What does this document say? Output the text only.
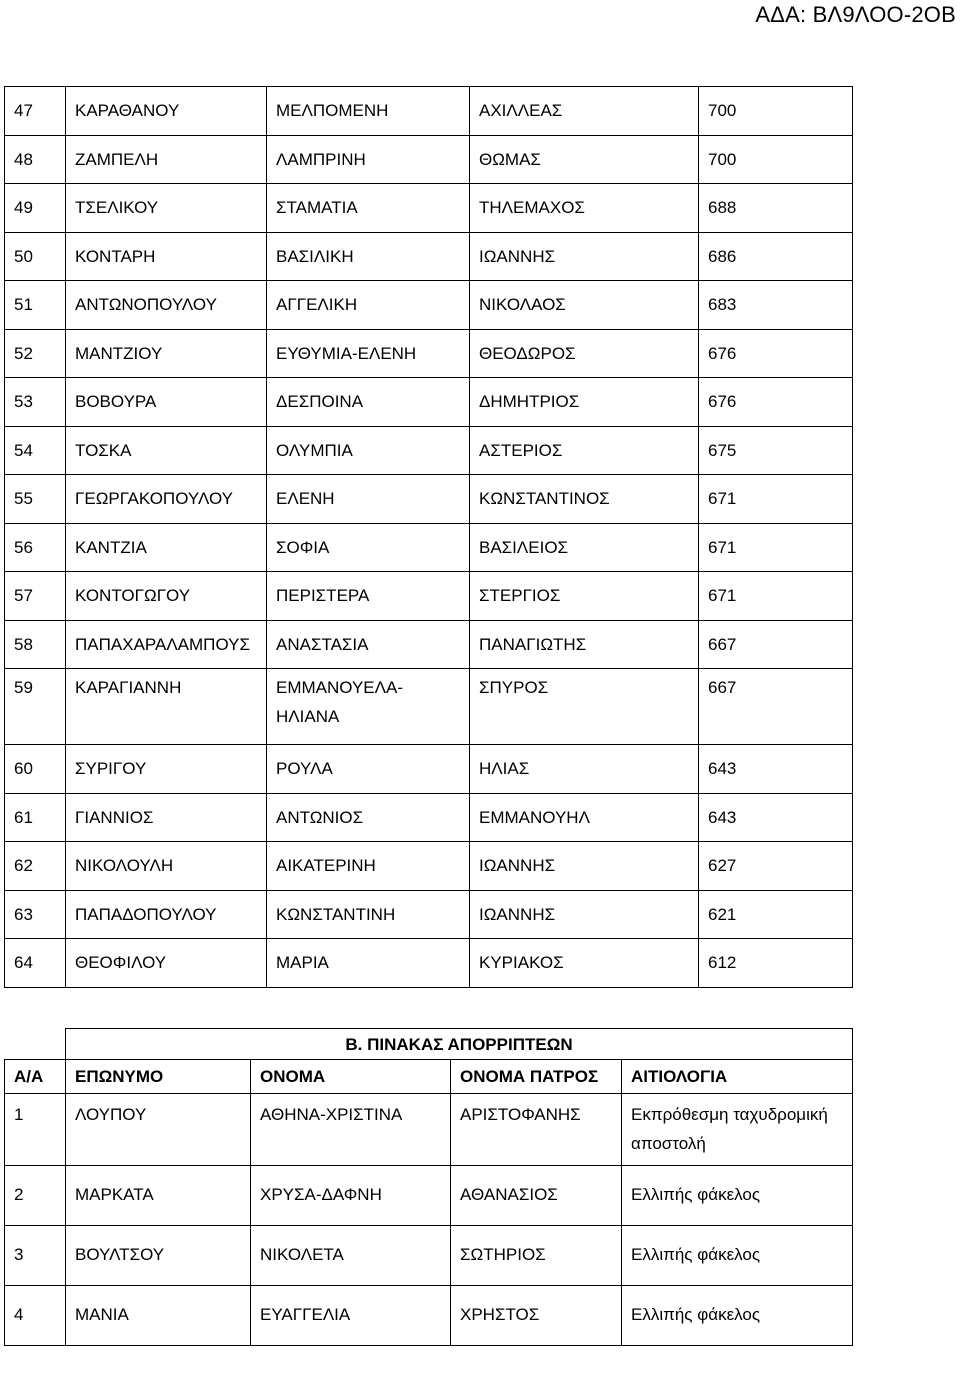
ΑΔΑ: ΒΛ9ΛΟΟ-2ΟΒ
47	ΚΑΡΑΘΑΝΟΥ	ΜΕΛΠΟΜΕΝΗ	ΑΧΙΛΛΕΑΣ	700
48	ΖΑΜΠΕΛΗ	ΛΑΜΠΡΙΝΗ	ΘΩΜΑΣ	700
49	ΤΣΕΛΙΚΟΥ	ΣΤΑΜΑΤΙΑ	ΤΗΛΕΜΑΧΟΣ	688
50	ΚΟΝΤΑΡΗ	ΒΑΣΙΛΙΚΗ	ΙΩΑΝΝΗΣ	686
51	ΑΝΤΩΝΟΠΟΥΛΟΥ	ΑΓΓΕΛΙΚΗ	ΝΙΚΟΛΑΟΣ	683
52	ΜΑΝΤΖΙΟΥ	ΕΥΘΥΜΙΑ-ΕΛΕΝΗ	ΘΕΟΔΩΡΟΣ	676
53	ΒΟΒΟΥΡΑ	ΔΕΣΠΟΙΝΑ	ΔΗΜΗΤΡΙΟΣ	676
54	ΤΟΣΚΑ	ΟΛΥΜΠΙΑ	ΑΣΤΕΡΙΟΣ	675
55	ΓΕΩΡΓΑΚΟΠΟΥΛΟΥ	ΕΛΕΝΗ	ΚΩΝΣΤΑΝΤΙΝΟΣ	671
56	ΚΑΝΤΖΙΑ	ΣΟΦΙΑ	ΒΑΣΙΛΕΙΟΣ	671
57	ΚΟΝΤΟΓΩΓΟΥ	ΠΕΡΙΣΤΕΡΑ	ΣΤΕΡΓΙΟΣ	671
58	ΠΑΠΑΧΑΡΑΛΑΜΠΟΥΣ	ΑΝΑΣΤΑΣΙΑ	ΠΑΝΑΓΙΩΤΗΣ	667
59	ΚΑΡΑΓΙΑΝΝΗ	ΕΜΜΑΝΟΥΕΛΑ-ΗΛΙΑΝΑ	ΣΠΥΡΟΣ	667
60	ΣΥΡΙΓΟΥ	ΡΟΥΛΑ	ΗΛΙΑΣ	643
61	ΓΙΑΝΝΙΟΣ	ΑΝΤΩΝΙΟΣ	ΕΜΜΑΝΟΥΗΛ	643
62	ΝΙΚΟΛΟΥΛΗ	ΑΙΚΑΤΕΡΙΝΗ	ΙΩΑΝΝΗΣ	627
63	ΠΑΠΑΔΟΠΟΥΛΟΥ	ΚΩΝΣΤΑΝΤΙΝΗ	ΙΩΑΝΝΗΣ	621
64	ΘΕΟΦΙΛΟΥ	ΜΑΡΙΑ	ΚΥΡΙΑΚΟΣ	612
	Β. ΠΙΝΑΚΑΣ ΑΠΟΡΡΙΠΤΕΩΝ			
Α/Α	ΕΠΩΝΥΜΟ	ΟΝΟΜΑ	ΟΝΟΜΑ ΠΑΤΡΟΣ	ΑΙΤΙΟΛΟΓΙΑ
1	ΛΟΥΠΟΥ	ΑΘΗΝΑ-ΧΡΙΣΤΙΝΑ	ΑΡΙΣΤΟΦΑΝΗΣ	Εκπρόθεσμη ταχυδρομική αποστολή
2	ΜΑΡΚΑΤΑ	ΧΡΥΣΑ-ΔΑΦΝΗ	ΑΘΑΝΑΣΙΟΣ	Ελλιπής φάκελος
3	ΒΟΥΛΤΣΟΥ	ΝΙΚΟΛΕΤΑ	ΣΩΤΗΡΙΟΣ	Ελλιπής φάκελος
4	ΜΑΝΙΑ	ΕΥΑΓΓΕΛΙΑ	ΧΡΗΣΤΟΣ	Ελλιπής φάκελος
